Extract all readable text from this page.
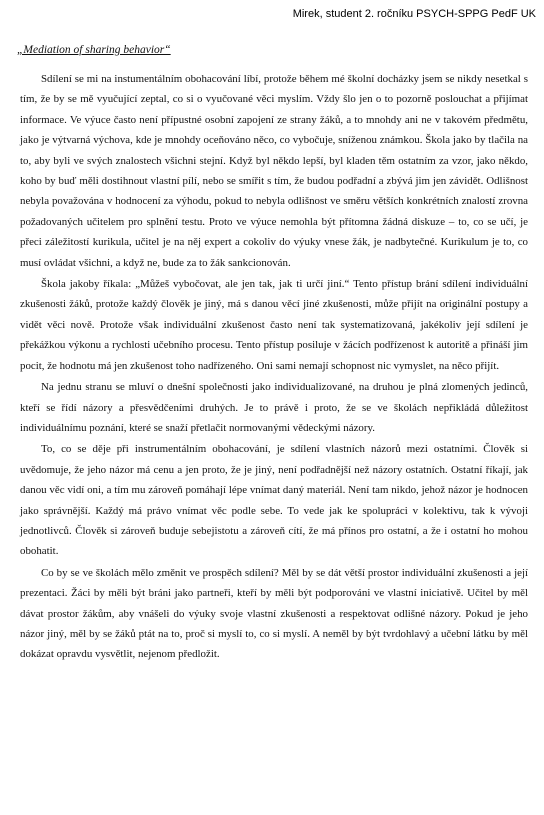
Mirek, student 2. ročníku PSYCH-SPPG PedF UK
„Mediation of sharing behavior“

Sdílení se mi na instumentálním obohacování líbí, protože během mé školní docházky jsem se nikdy nesetkal s tím, že by se mě vyučující zeptal, co si o vyučované věci myslím. Vždy šlo jen o to pozorně poslouchat a přijímat informace. Ve výuce často není přípustné osobní zapojení ze strany žáků, a to mnohdy ani ne v takovém předmětu, jako je výtvarná výchova, kde je mnohdy oceňováno něco, co vybočuje, sníženou známkou. Škola jako by tlačila na to, aby byli ve svých znalostech všichni stejní. Když byl někdo lepší, byl kladen těm ostatním za vzor, jako někdo, koho by buď měli dostihnout vlastní pílí, nebo se smířit s tím, že budou podřadní a zbývá jim jen závidět. Odlišnost nebyla považována v hodnocení za výhodu, pokud to nebyla odlišnost ve směru větších konkrétních znalostí zrovna požadovaných učitelem pro splnění testu. Proto ve výuce nemohla být přítomna žádná diskuze – to, co se učí, je přeci záležitostí kurikula, učitel je na něj expert a cokoliv do výuky vnese žák, je nadbytečné. Kurikulum je to, co musí ovládat všichni, a když ne, bude za to žák sankcionován.

Škola jakoby říkala: „Můžeš vybočovat, ale jen tak, jak ti určí jiní.“ Tento přístup brání sdílení individuální zkušenosti žáků, protože každý člověk je jiný, má s danou věcí jiné zkušenosti, může přijít na originální postupy a vidět věci nově. Protože však individuální zkušenost často není tak systematizovaná, jakékoliv její sdílení je překážkou výkonu a rychlosti učebního procesu. Tento přístup posiluje v žácích podřízenost k autoritě a přináší jim pocit, že hodnotu má jen zkušenost toho nadřízeného. Oni sami nemají schopnost nic vymyslet, na něco přijít.

Na jednu stranu se mluví o dnešní společnosti jako individualizované, na druhou je plná zlomených jedinců, kteří se řídí názory a přesvědčeními druhých. Je to právě i proto, že se ve školách nepřikládá důležitost individuálnímu poznání, které se snaží přetlačit normovanými vědeckými názory.

To, co se děje při instrumentálním obohacování, je sdílení vlastních názorů mezi ostatními. Člověk si uvědomuje, že jeho názor má cenu a jen proto, že je jiný, není podřadnější než názory ostatních. Ostatní říkají, jak danou věc vidí oni, a tím mu zároveň pomáhají lépe vnímat daný materiál. Není tam nikdo, jehož názor je hodnocen jako správnější. Každý má právo vnímat věc podle sebe. To vede jak ke spolupráci v kolektivu, tak k vývoji jednotlivců. Člověk si zároveň buduje sebejistotu a zároveň cítí, že má přínos pro ostatní, a že i ostatní ho mohou obohatit.

Co by se ve školách mělo změnit ve prospěch sdílení? Měl by se dát větší prostor individuální zkušenosti a její prezentaci. Žáci by měli být bráni jako partneři, kteří by měli být podporováni ve vlastní iniciativě. Učitel by měl dávat prostor žákům, aby vnášeli do výuky svoje vlastní zkušenosti a respektovat odlišné názory. Pokud je jeho názor jiný, měl by se žáků ptát na to, proč si myslí to, co si myslí. A neměl by být tvrdohlavý a učební látku by měl dokázat opravdu vysvětlit, nejenom předložit.
